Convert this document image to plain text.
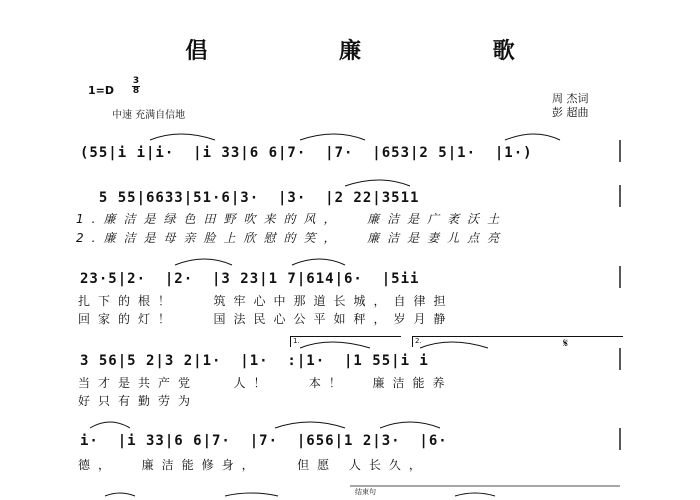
倡 廉 歌
1=D
3
8
中速 充满自信地
周 杰词
彭 超曲
(55|i i|i·  |i 33|6 6|7·  |7·  |653|2 5|1·  |1·)
5 55|6633|51·6|3·  |3·  |2 22|3511
1.廉洁是绿色田野吹来的风，  廉洁是广袤沃土
2.廉洁是母亲脸上欣慰的笑，  廉洁是妻儿点亮
23·5|2·  |2·  |3 23|1 7|614|6·  |5ii
扎下的根！   筑牢心中那道长城，自律担
回家的灯！   国法民心公平如秤，岁月静
1.	2.	𝄋
3 56|5 2|3 2|1·  |1·  :|1·  |1 55|i i
当才是共产党   人！   本！  廉洁能养
好只有勤劳为
i·  |i 33|6 6|7·  |7·  |656|1 2|3·  |6·
德，  廉洁能修身，   但愿 人长久，
结束句
